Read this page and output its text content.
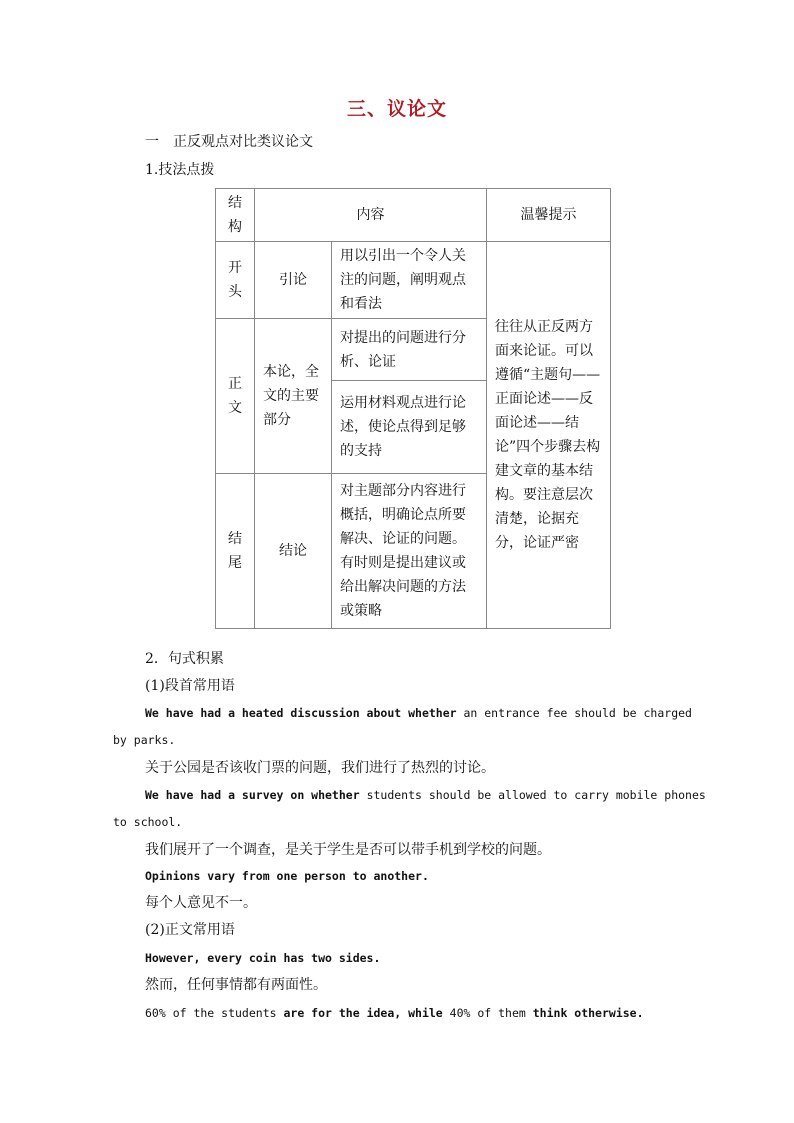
三、议论文
一　正反观点对比类议论文
1.技法点拨
结构	内容		温馨提示
开头	引论	用以引出一个令人关注的问题，阐明观点和看法	往往从正反两方面来论证。可以遵循“主题句——正面论述——反面论述——结论”四个步骤去构建文章的基本结构。要注意层次清楚，论据充分，论证严密
正文	本论，全文的主要部分	对提出的问题进行分析、论证	
		运用材料观点进行论述，使论点得到足够的支持	
结尾	结论	对主题部分内容进行概括，明确论点所要解决、论证的问题。有时则是提出建议或给出解决问题的方法或策略	
2．句式积累
(1)段首常用语
We have had a heated discussion about whether an entrance fee should be charged
by parks.
关于公园是否该收门票的问题，我们进行了热烈的讨论。
We have had a survey on whether students should be allowed to carry mobile phones
to school.
我们展开了一个调查，是关于学生是否可以带手机到学校的问题。
Opinions vary from one person to another.
每个人意见不一。
(2)正文常用语
However, every coin has two sides.
然而，任何事情都有两面性。
60% of the students are for the idea, while 40% of them think otherwise.
